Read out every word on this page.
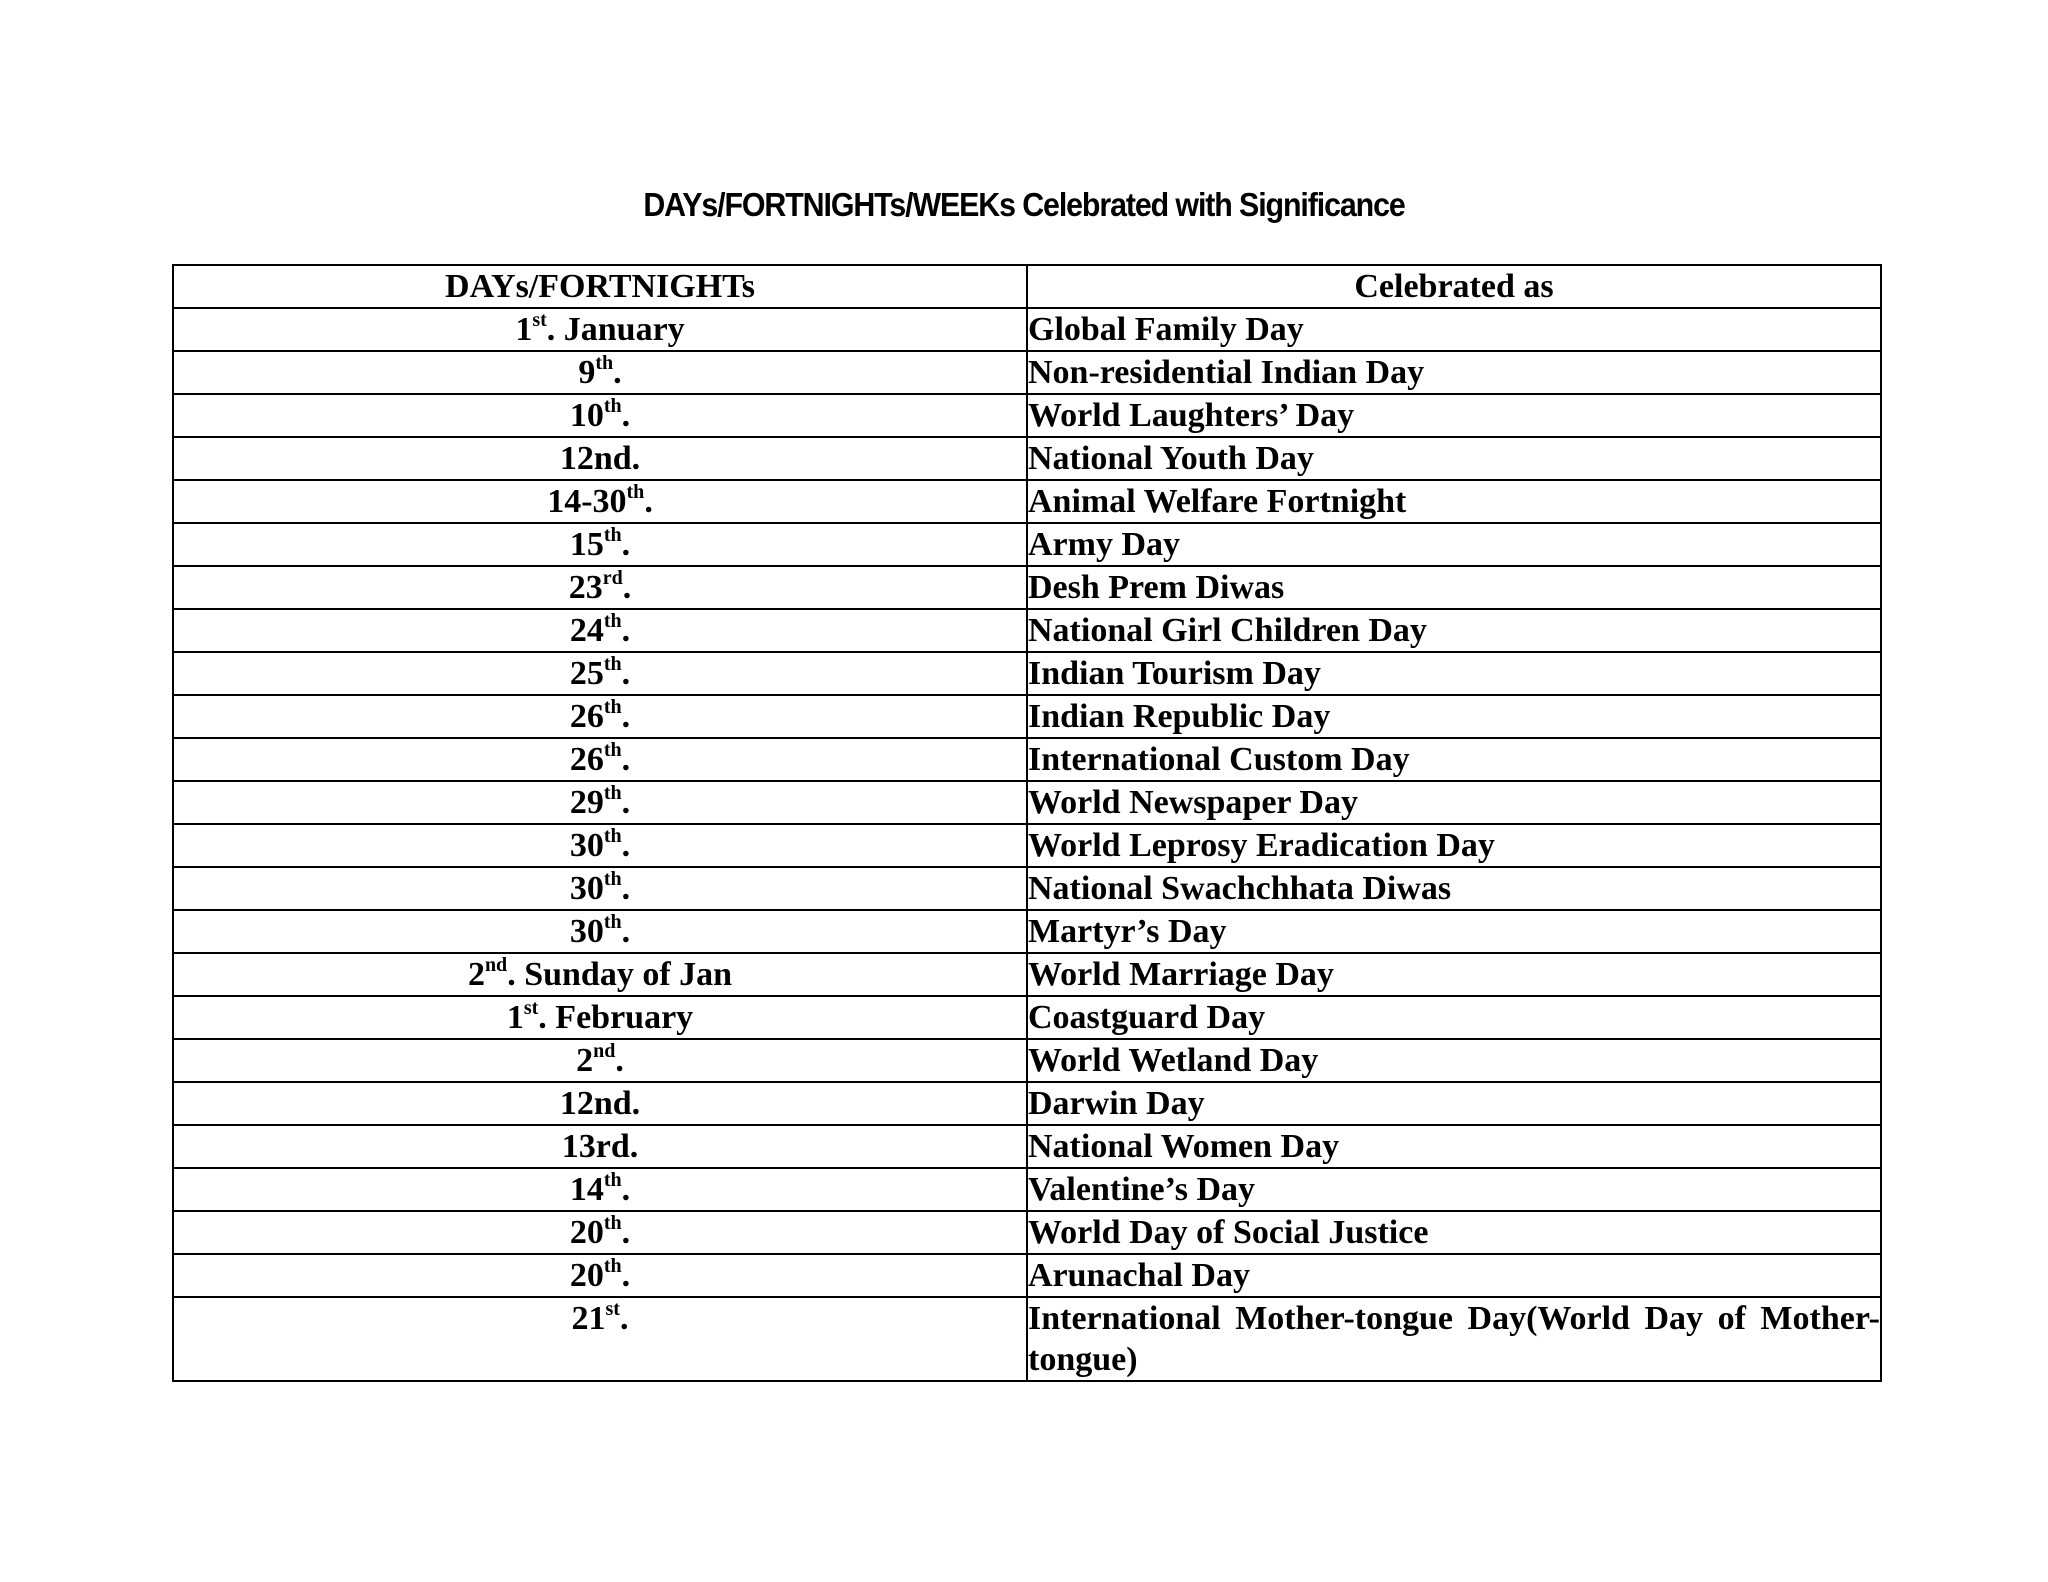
DAYs/FORTNIGHTs/WEEKs Celebrated with Significance
DAYs/FORTNIGHTs	Celebrated as
1st. January	Global Family Day
9th.	Non-residential Indian Day
10th.	World Laughters’ Day
12nd.	National Youth Day
14-30th.	Animal Welfare Fortnight
15th.	Army Day
23rd.	Desh Prem Diwas
24th.	National Girl Children Day
25th.	Indian Tourism Day
26th.	Indian Republic Day
26th.	International Custom Day
29th.	World Newspaper Day
30th.	World Leprosy Eradication Day
30th.	National Swachchhata Diwas
30th.	Martyr’s Day
2nd. Sunday of Jan	World Marriage Day
1st. February	Coastguard Day
2nd.	World Wetland Day
12nd.	Darwin Day
13rd.	National Women Day
14th.	Valentine’s Day
20th.	World Day of Social Justice
20th.	Arunachal Day
21st.	International Mother-tongue Day(World Day of Mother-tongue)
